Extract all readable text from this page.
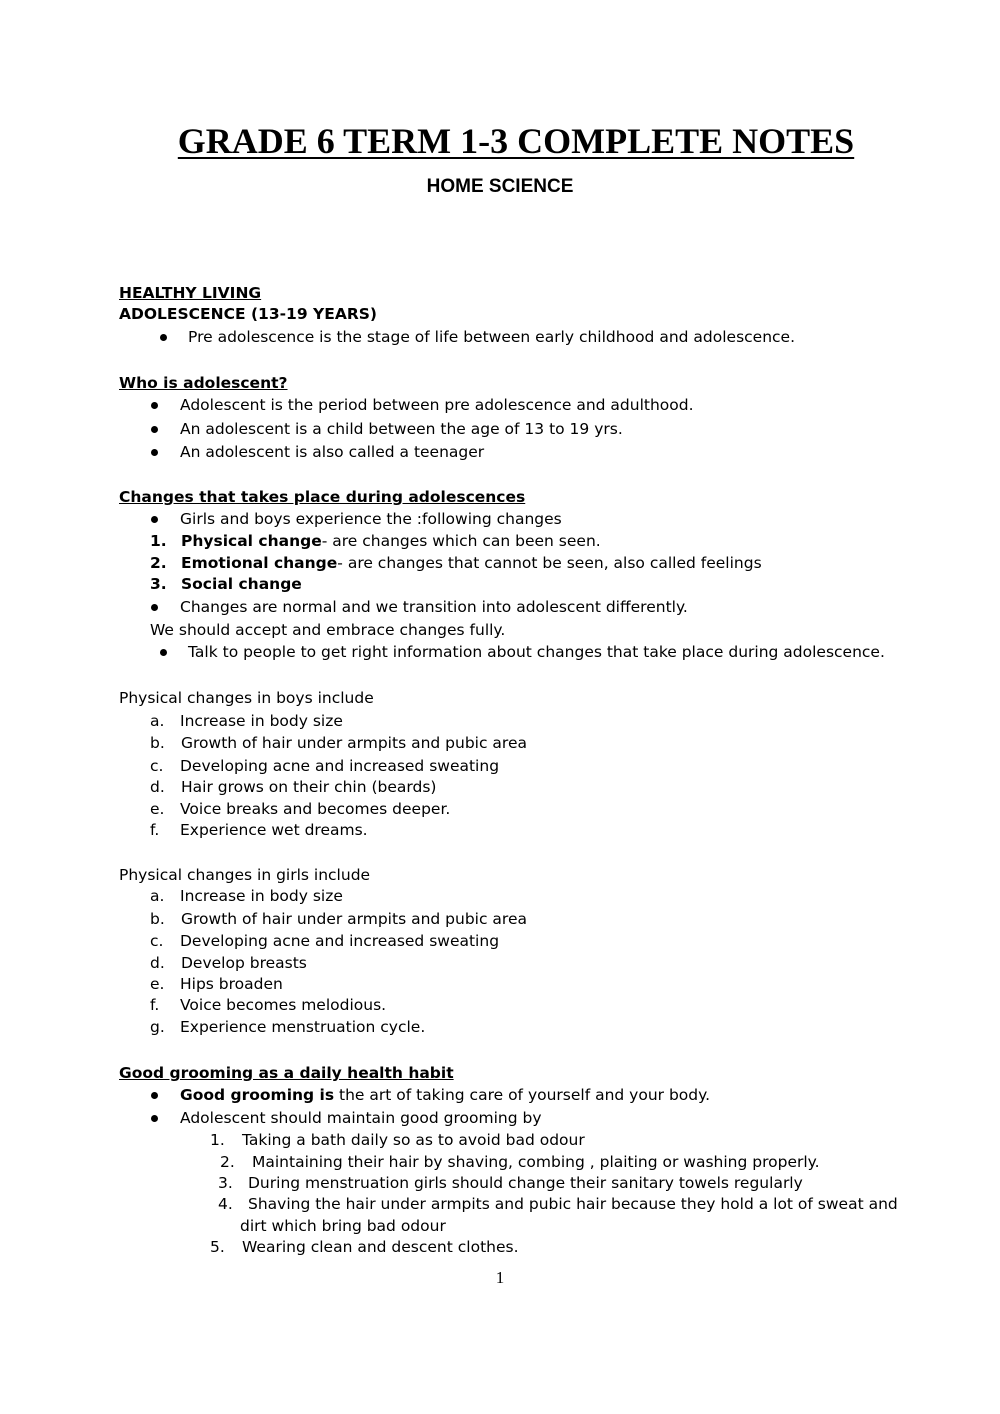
GRADE 6 TERM 1-3 COMPLETE NOTES
HOME SCIENCE
HEALTHY LIVING
ADOLESCENCE (13-19 YEARS)
Pre adolescence is the stage of life between early childhood and adolescence.
Who is adolescent?
Adolescent is the period between pre adolescence and adulthood.
An adolescent is a child between the age of 13 to 19 yrs.
An adolescent is also called a teenager
Changes that takes place during adolescences
Girls and boys experience the :following changes
1. Physical change- are changes which can been seen.
2. Emotional change- are changes that cannot be seen, also called feelings
3. Social change
Changes are normal and we transition into adolescent differently.
We should accept and embrace changes fully.
Talk to people to get right information about changes that take place during adolescence.
Physical changes in boys include
a. Increase in body size
b. Growth of hair under armpits and pubic area
c. Developing acne and increased sweating
d. Hair grows on their chin (beards)
e. Voice breaks and becomes deeper.
f. Experience wet dreams.
Physical changes in girls include
a. Increase in body size
b. Growth of hair under armpits and pubic area
c. Developing acne and increased sweating
d. Develop breasts
e. Hips broaden
f. Voice becomes melodious.
g. Experience menstruation cycle.
Good grooming as a daily health habit
Good grooming is the art of taking care of yourself and your body.
Adolescent should maintain good grooming by
1. Taking a bath daily so as to avoid bad odour
2. Maintaining their hair by shaving, combing , plaiting or washing properly.
3. During menstruation girls should change their sanitary towels regularly
4. Shaving the hair under armpits and pubic hair because they hold a lot of sweat and
dirt which bring bad odour
5. Wearing clean and descent clothes.
1
